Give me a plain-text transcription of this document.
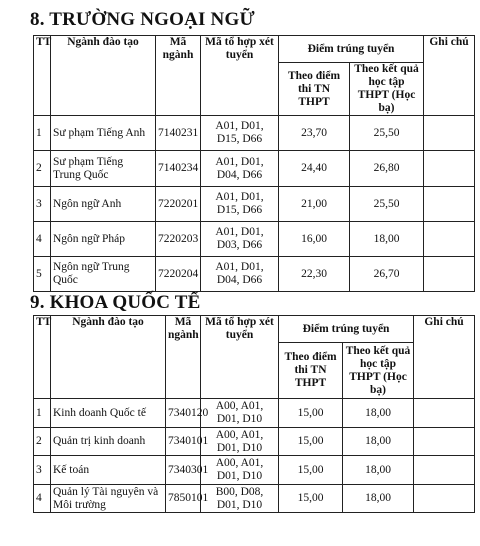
8. TRƯỜNG NGOẠI NGỮ
TT	Ngành đào tạo	Mã ngành	Mã tổ hợp xét tuyển	Điểm trúng tuyển		Ghi chú
				Theo điểm thi TN THPT	Theo kết quả học tập THPT (Học bạ)	
1	Sư phạm Tiếng Anh	7140231	A01, D01, D15, D66	23,70	25,50	
2	Sư phạm Tiếng Trung Quốc	7140234	A01, D01, D04, D66	24,40	26,80	
3	Ngôn ngữ Anh	7220201	A01, D01, D15, D66	21,00	25,50	
4	Ngôn ngữ Pháp	7220203	A01, D01, D03, D66	16,00	18,00	
5	Ngôn ngữ Trung Quốc	7220204	A01, D01, D04, D66	22,30	26,70	
9. KHOA QUỐC TẾ
TT	Ngành đào tạo	Mã ngành	Mã tổ hợp xét tuyển	Điểm trúng tuyển		Ghi chú
				Theo điểm thi TN THPT	Theo kết quả học tập THPT (Học bạ)	
1	Kinh doanh Quốc tế	7340120	A00, A01, D01, D10	15,00	18,00	
2	Quản trị kinh doanh	7340101	A00, A01, D01, D10	15,00	18,00	
3	Kế toán	7340301	A00, A01, D01, D10	15,00	18,00	
4	Quản lý Tài nguyên và Môi trường	7850101	B00, D08, D01, D10	15,00	18,00	
